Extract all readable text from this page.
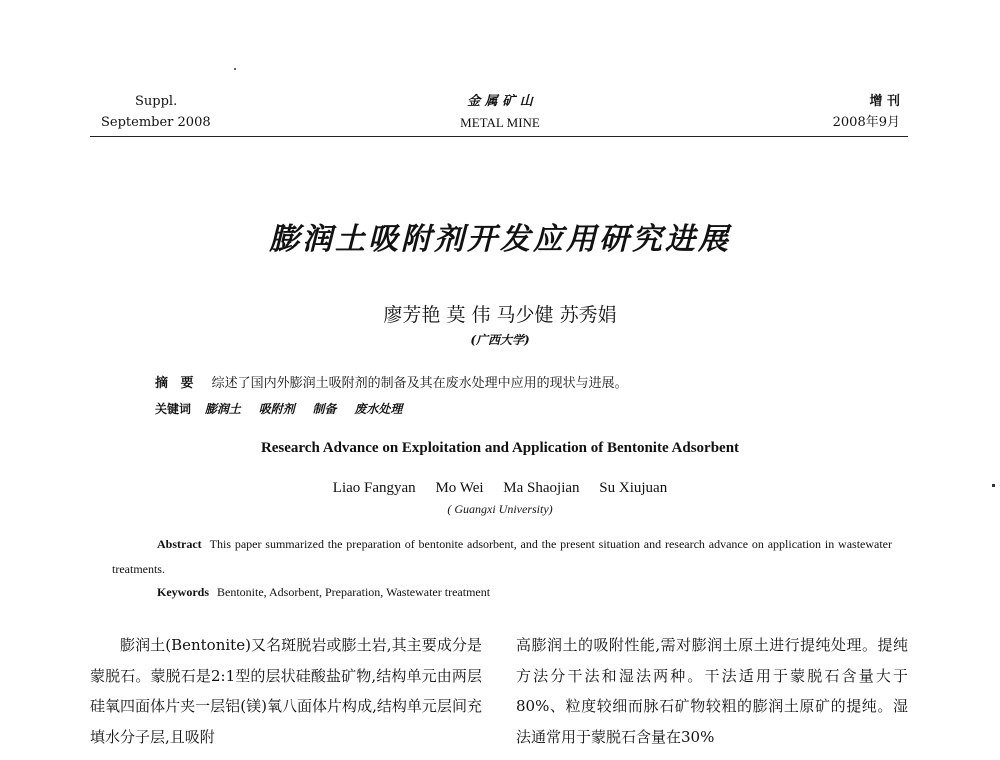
Suppl.
September 2008
金 属 矿 山
METAL MINE
增 刊
2008年9月
膨润土吸附剂开发应用研究进展
廖芳艳 莫 伟 马少健 苏秀娟
(广西大学)
摘 要 综述了国内外膨润土吸附剂的制备及其在废水处理中应用的现状与进展。
关键词 膨润土 吸附剂 制备 废水处理
Research Advance on Exploitation and Application of Bentonite Adsorbent
Liao Fangyan Mo Wei Ma Shaojian Su Xiujuan
( Guangxi University)
Abstract This paper summarized the preparation of bentonite adsorbent, and the present situation and research advance on application in wastewater treatments.
Keywords Bentonite, Adsorbent, Preparation, Wastewater treatment
膨润土(Bentonite)又名斑脱岩或膨土岩,其主要成分是蒙脱石。蒙脱石是2:1型的层状硅酸盐矿物,结构单元由两层硅氧四面体片夹一层铝(镁)氧八面体片构成,结构单元层间充填水分子层,且吸附
高膨润土的吸附性能,需对膨润土原土进行提纯处理。提纯方法分干法和湿法两种。干法适用于蒙脱石含量大于80%、粒度较细而脉石矿物较粗的膨润土原矿的提纯。湿法通常用于蒙脱石含量在30%
